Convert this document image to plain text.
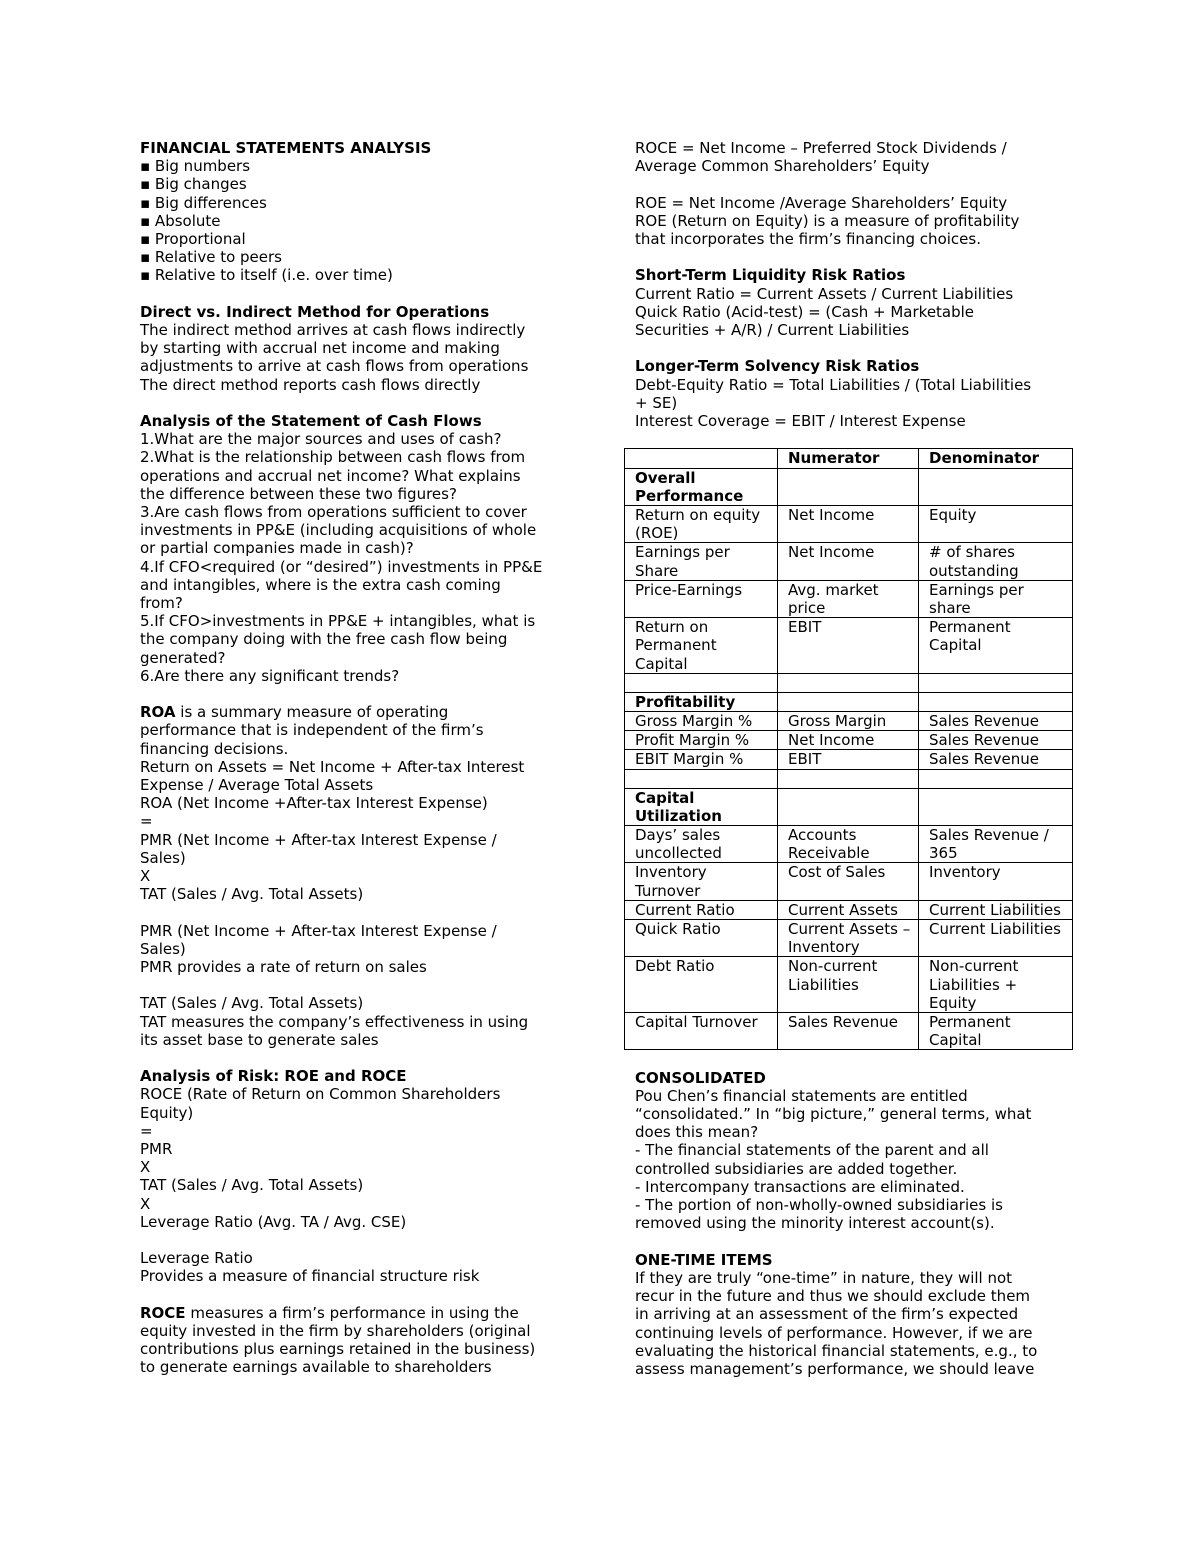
FINANCIAL STATEMENTS ANALYSIS

▪ Big numbers

▪ Big changes

▪ Big differences

▪ Absolute

▪ Proportional

▪ Relative to peers

▪ Relative to itself (i.e. over time)

Direct vs. Indirect Method for Operations

The indirect method arrives at cash flows indirectly

by starting with accrual net income and making

adjustments to arrive at cash flows from operations

The direct method reports cash flows directly

Analysis of the Statement of Cash Flows

1.What are the major sources and uses of cash?

2.What is the relationship between cash flows from

operations and accrual net income? What explains

the difference between these two figures?

3.Are cash flows from operations sufficient to cover

investments in PP&E (including acquisitions of whole

or partial companies made in cash)?

4.If CFO<required (or “desired”) investments in PP&E

and intangibles, where is the extra cash coming

from?

5.If CFO>investments in PP&E + intangibles, what is

the company doing with the free cash flow being

generated?

6.Are there any significant trends?

ROA is a summary measure of operating

performance that is independent of the firm’s

financing decisions.

Return on Assets = Net Income + After-tax Interest

Expense / Average Total Assets

ROA (Net Income +After-tax Interest Expense)

=

PMR (Net Income + After-tax Interest Expense /

Sales)

X

TAT (Sales / Avg. Total Assets)

PMR (Net Income + After-tax Interest Expense /

Sales)

PMR provides a rate of return on sales

TAT (Sales / Avg. Total Assets)

TAT measures the company’s effectiveness in using

its asset base to generate sales

Analysis of Risk: ROE and ROCE

ROCE (Rate of Return on Common Shareholders

Equity)

=

PMR

X

TAT (Sales / Avg. Total Assets)

X

Leverage Ratio (Avg. TA / Avg. CSE)

Leverage Ratio

Provides a measure of financial structure risk

ROCE measures a firm’s performance in using the

equity invested in the firm by shareholders (original

contributions plus earnings retained in the business)

to generate earnings available to shareholders

ROCE = Net Income – Preferred Stock Dividends /

Average Common Shareholders’ Equity

ROE = Net Income /Average Shareholders’ Equity

ROE (Return on Equity) is a measure of profitability

that incorporates the firm’s financing choices.

Short-Term Liquidity Risk Ratios

Current Ratio = Current Assets / Current Liabilities

Quick Ratio (Acid-test) = (Cash + Marketable

Securities + A/R) / Current Liabilities

Longer-Term Solvency Risk Ratios

Debt-Equity Ratio = Total Liabilities / (Total Liabilities

+ SE)

Interest Coverage = EBIT / Interest Expense

	Numerator	Denominator
Overall Performance		
Return on equity (ROE)	Net Income	Equity
Earnings per Share	Net Income	# of shares outstanding
Price-Earnings	Avg. market price	Earnings per share
Return on Permanent Capital	EBIT	Permanent Capital

Profitability		
Gross Margin %	Gross Margin	Sales Revenue
Profit Margin %	Net Income	Sales Revenue
EBIT Margin %	EBIT	Sales Revenue

Capital Utilization		
Days’ sales uncollected	Accounts Receivable	Sales Revenue / 365
Inventory Turnover	Cost of Sales	Inventory
Current Ratio	Current Assets	Current Liabilities
Quick Ratio	Current Assets – Inventory	Current Liabilities
Debt Ratio	Non-current Liabilities	Non-current Liabilities + Equity
Capital Turnover	Sales Revenue	Permanent Capital

CONSOLIDATED

Pou Chen’s financial statements are entitled

“consolidated.” In “big picture,” general terms, what

does this mean?

- The financial statements of the parent and all

controlled subsidiaries are added together.

- Intercompany transactions are eliminated.

- The portion of non-wholly-owned subsidiaries is

removed using the minority interest account(s).

ONE-TIME ITEMS

If they are truly “one-time” in nature, they will not

recur in the future and thus we should exclude them

in arriving at an assessment of the firm’s expected

continuing levels of performance. However, if we are

evaluating the historical financial statements, e.g., to

assess management’s performance, we should leave
